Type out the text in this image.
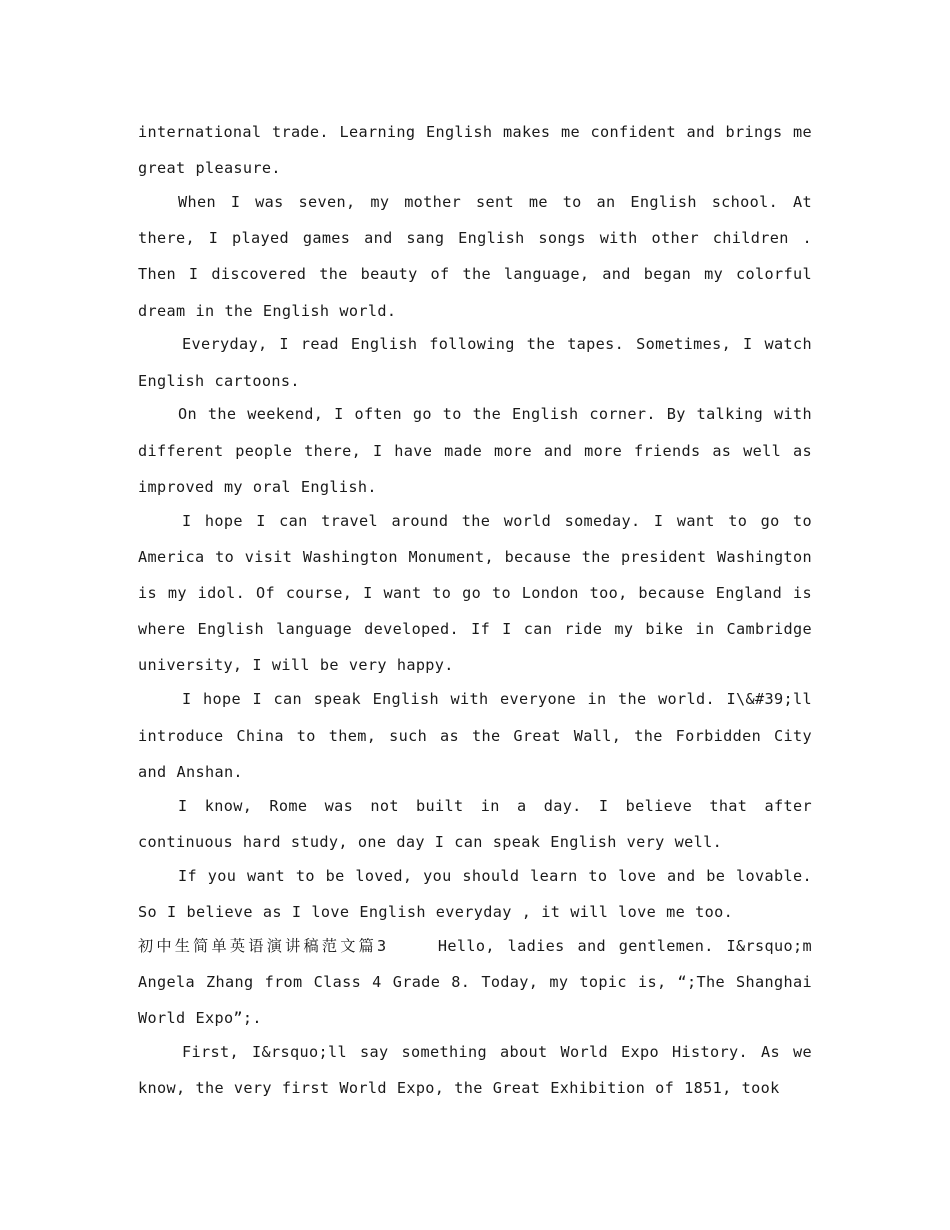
international trade. Learning English makes me confident and brings me great pleasure.

When I was seven, my mother sent me to an English school. At there, I played games and sang English songs with other children . Then I discovered the beauty of the language, and began my colorful dream in the English world.

Everyday, I read English following the tapes. Sometimes, I watch English cartoons.

On the weekend, I often go to the English corner. By talking with different people there, I have made more and more friends as well as improved my oral English.

I hope I can travel around the world someday. I want to go to America to visit Washington Monument, because the president Washington is my idol. Of course, I want to go to London too, because England is where English language developed. If I can ride my bike in Cambridge university, I will be very happy.

I hope I can speak English with everyone in the world. I\&#39;ll introduce China to them, such as the Great Wall, the Forbidden City and Anshan.

I know, Rome was not built in a day. I believe that after continuous hard study, one day I can speak English very well.

If you want to be loved, you should learn to love and be lovable. So I believe as I love English everyday , it will love me too.

初中生简单英语演讲稿范文篇3    Hello, ladies and gentlemen. I&rsquo;m Angela Zhang from Class 4 Grade 8. Today, my topic is, “;The Shanghai World Expo”;.

First, I&rsquo;ll say something about World Expo History. As we know, the very first World Expo, the Great Exhibition of 1851, took
